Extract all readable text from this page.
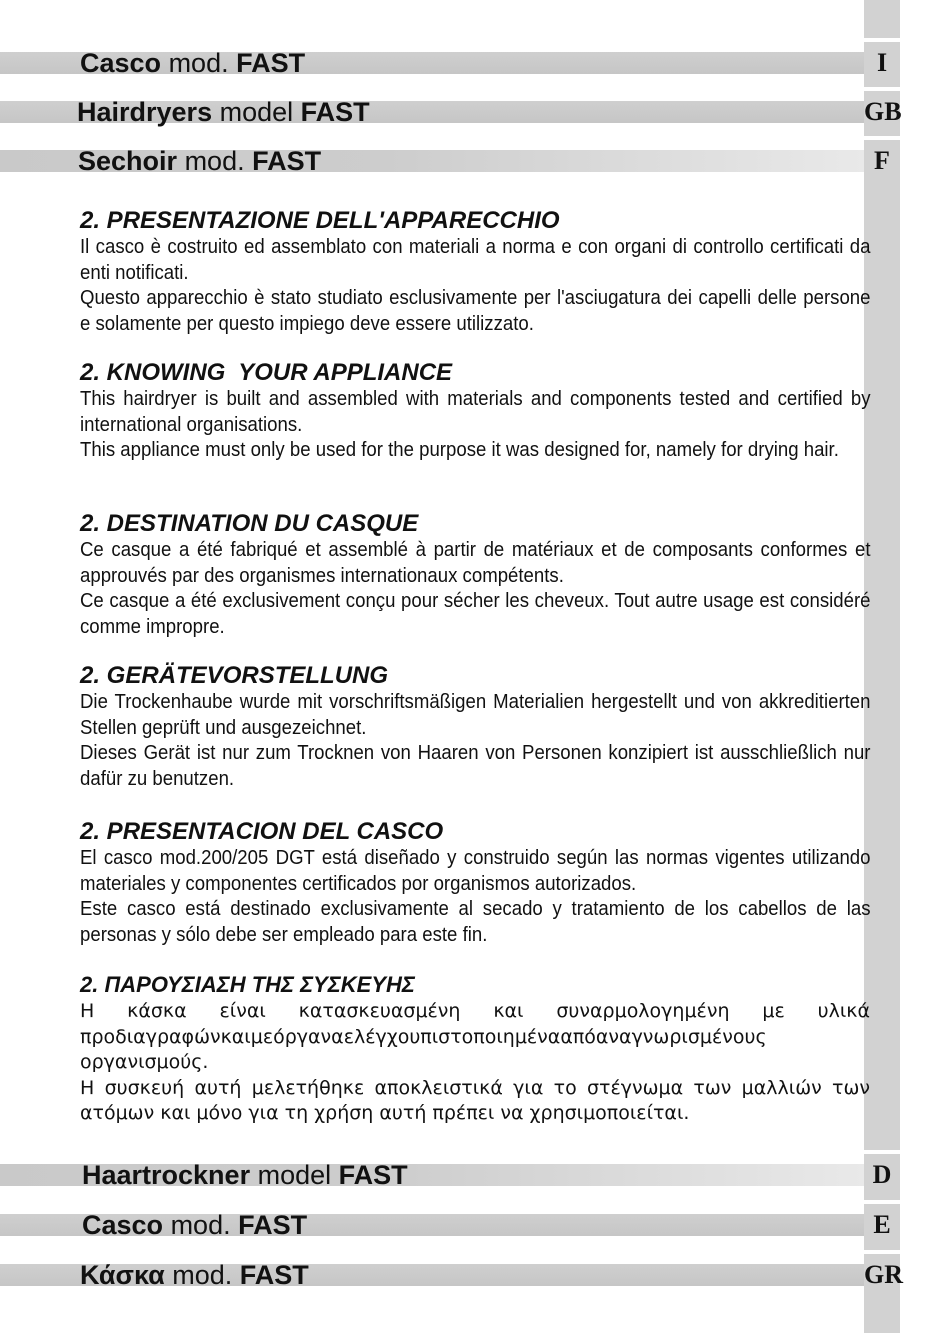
Casco mod. FAST	I
Hairdryers model FAST	GB
Sechoir mod. FAST	F
2. PRESENTAZIONE DELL'APPARECCHIO

Il casco è costruito ed assemblato con materiali a norma e con organi di controllo certificati da enti notificati.
Questo apparecchio è stato studiato esclusivamente per l'asciugatura dei capelli delle persone e solamente per questo impiego deve essere utilizzato.

2. KNOWING  YOUR APPLIANCE

This hairdryer is built and assembled with materials and components tested and certified by international organisations.
This appliance must only be used for the purpose it was designed for, namely for drying hair.

2. DESTINATION DU CASQUE

Ce casque a été fabriqué et assemblé à partir de matériaux et de composants conformes et approuvés par des organismes internationaux compétents.
Ce casque a été exclusivement conçu pour sécher les cheveux. Tout autre usage est considéré comme impropre.

2. GERÄTEVORSTELLUNG

Die Trockenhaube wurde mit vorschriftsmäßigen Materialien hergestellt und von akkreditierten Stellen geprüft und ausgezeichnet.
Dieses Gerät ist nur zum Trocknen von Haaren von Personen konzipiert ist ausschließlich nur dafür zu benutzen.

2. PRESENTACION DEL CASCO

El casco mod.200/205 DGT está diseñado y construido según las normas vigentes utilizando materiales y componentes certificados por organismos autorizados.
Este casco está destinado exclusivamente al secado y tratamiento de los cabellos de las personas y sólo debe ser empleado para este fin.

2. ΠΑΡΟΥΣΙΑΣΗ ΤΗΣ ΣΥΣΚΕΥΗΣ

Η κάσκα είναι κατασκευασμένη και συναρμολογημένη με υλικά προδιαγραφώνκαιμεόργαναελέγχουπιστοποιημένααπόαναγνωρισμένους οργανισμούς.
Η συσκευή αυτή μελετήθηκε αποκλειστικά για το στέγνωμα των μαλλιών των ατόμων και μόνο για τη χρήση αυτή πρέπει να χρησιμοποιείται.

Haartrockner model FAST	D
Casco mod. FAST	E
Κάσκα mod. FAST	GR
